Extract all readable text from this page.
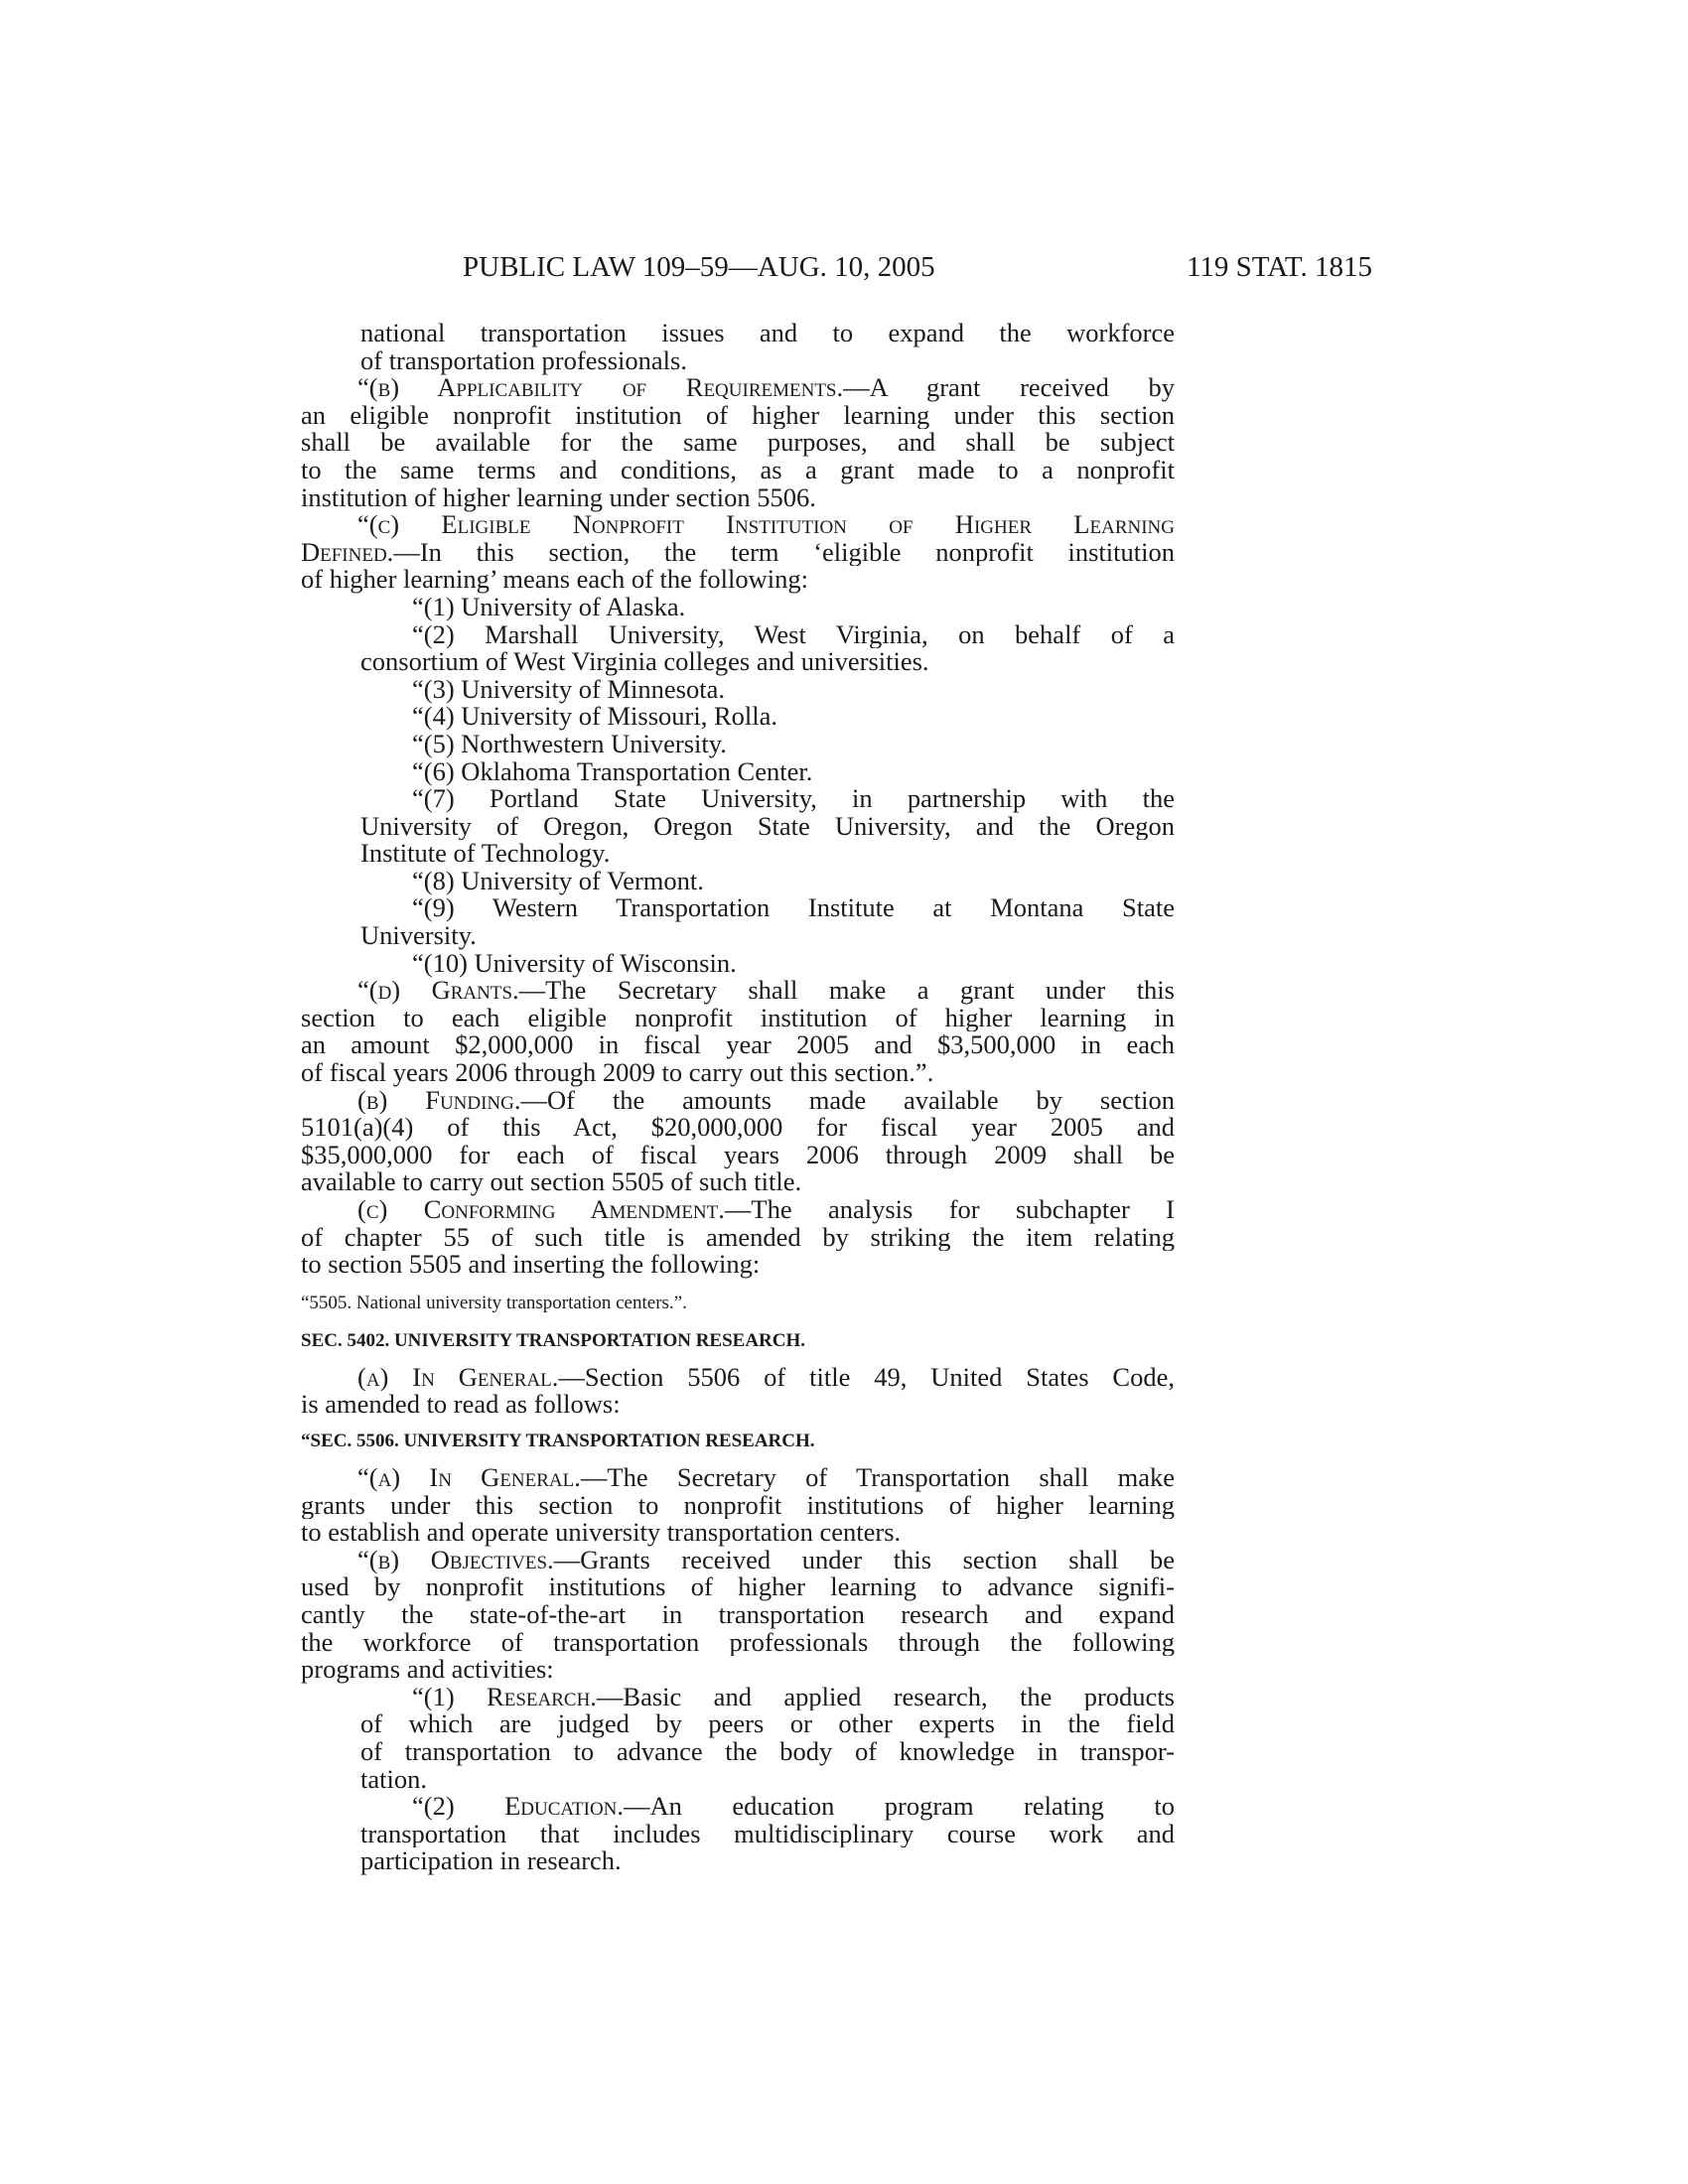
PUBLIC LAW 109–59—AUG. 10, 2005	119 STAT. 1815
national transportation issues and to expand the workforce
of transportation professionals.
“(b) Applicability of Requirements.—A grant received by
an eligible nonprofit institution of higher learning under this section
shall be available for the same purposes, and shall be subject
to the same terms and conditions, as a grant made to a nonprofit
institution of higher learning under section 5506.
“(c) Eligible Nonprofit Institution of Higher Learning
Defined.—In this section, the term ‘eligible nonprofit institution
of higher learning’ means each of the following:
“(1) University of Alaska.
“(2) Marshall University, West Virginia, on behalf of a
consortium of West Virginia colleges and universities.
“(3) University of Minnesota.
“(4) University of Missouri, Rolla.
“(5) Northwestern University.
“(6) Oklahoma Transportation Center.
“(7) Portland State University, in partnership with the
University of Oregon, Oregon State University, and the Oregon
Institute of Technology.
“(8) University of Vermont.
“(9) Western Transportation Institute at Montana State
University.
“(10) University of Wisconsin.
“(d) Grants.—The Secretary shall make a grant under this
section to each eligible nonprofit institution of higher learning in
an amount $2,000,000 in fiscal year 2005 and $3,500,000 in each
of fiscal years 2006 through 2009 to carry out this section.”.
(b) Funding.—Of the amounts made available by section
5101(a)(4) of this Act, $20,000,000 for fiscal year 2005 and
$35,000,000 for each of fiscal years 2006 through 2009 shall be
available to carry out section 5505 of such title.
(c) Conforming Amendment.—The analysis for subchapter I
of chapter 55 of such title is amended by striking the item relating
to section 5505 and inserting the following:
“5505. National university transportation centers.”.
SEC. 5402. UNIVERSITY TRANSPORTATION RESEARCH.
(a) In General.—Section 5506 of title 49, United States Code,
is amended to read as follows:
“SEC. 5506. UNIVERSITY TRANSPORTATION RESEARCH.
“(a) In General.—The Secretary of Transportation shall make
grants under this section to nonprofit institutions of higher learning
to establish and operate university transportation centers.
“(b) Objectives.—Grants received under this section shall be
used by nonprofit institutions of higher learning to advance signifi-
cantly the state-of-the-art in transportation research and expand
the workforce of transportation professionals through the following
programs and activities:
“(1) Research.—Basic and applied research, the products
of which are judged by peers or other experts in the field
of transportation to advance the body of knowledge in transpor-
tation.
“(2) Education.—An education program relating to
transportation that includes multidisciplinary course work and
participation in research.
